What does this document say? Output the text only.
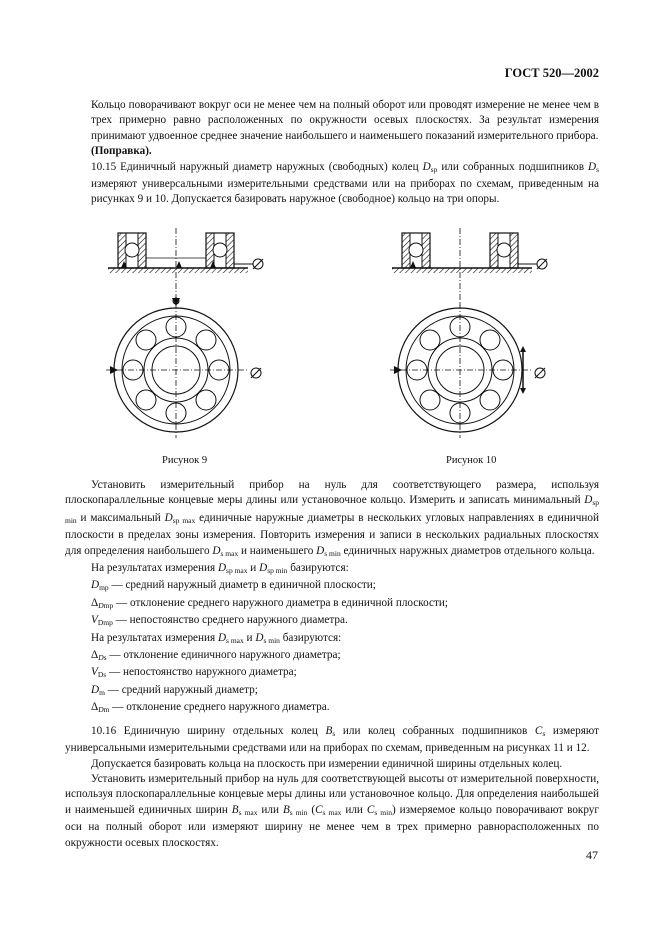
ГОСТ 520—2002

Кольцо поворачивают вокруг оси не менее чем на полный оборот или проводят измерение не менее чем в трех примерно равно расположенных по окружности осевых плоскостях. За результат измерения принимают удвоенное среднее значение наибольшего и наименьшего показаний измерительного прибора.

(Поправка).

10.15 Единичный наружный диаметр наружных (свободных) колец $D_{sp}$ или собранных подшипников $D_s$ измеряют универсальными измерительными средствами или на приборах по схемам, приведенным на рисунках 9 и 10. Допускается базировать наружное (свободное) кольцо на три опоры.

Рисунок 9	Рисунок 10

Установить измерительный прибор на нуль для соответствующего размера, используя плоскопараллельные концевые меры длины или установочное кольцо. Измерить и записать минимальный $D_{sp min}$ и максимальный $D_{sp max}$ единичные наружные диаметры в нескольких угловых направлениях в единичной плоскости в пределах зоны измерения. Повторить измерения и записи в нескольких радиальных плоскостях для определения наибольшего $D_{s max}$ и наименьшего $D_{s min}$ единичных наружных диаметров отдельного кольца.

На результатах измерения $D_{sp max}$ и $D_{sp min}$ базируются:

$D_{mp}$ — средний наружный диаметр в единичной плоскости;

$\Delta_{Dmp}$ — отклонение среднего наружного диаметра в единичной плоскости;

$V_{Dmp}$ — непостоянство среднего наружного диаметра.

На результатах измерения $D_{s max}$ и $D_{s min}$ базируются:

$\Delta_{Ds}$ — отклонение единичного наружного диаметра;

$V_{Ds}$ — непостоянство наружного диаметра;

$D_m$ — средний наружный диаметр;

$\Delta_{Dm}$ — отклонение среднего наружного диаметра.

10.16 Единичную ширину отдельных колец $B_s$ или колец собранных подшипников $C_s$ измеряют универсальными измерительными средствами или на приборах по схемам, приведенным на рисунках 11 и 12.

Допускается базировать кольца на плоскость при измерении единичной ширины отдельных колец.

Установить измерительный прибор на нуль для соответствующей высоты от измерительной поверхности, используя плоскопараллельные концевые меры длины или установочное кольцо. Для определения наибольшей и наименьшей единичных ширин $B_{s max}$ или $B_{s min}$ ($C_{s max}$ или $C_{s min}$) измеряемое кольцо поворачивают вокруг оси на полный оборот или измеряют ширину не менее чем в трех примерно равнорасположенных по окружности осевых плоскостях.

47
